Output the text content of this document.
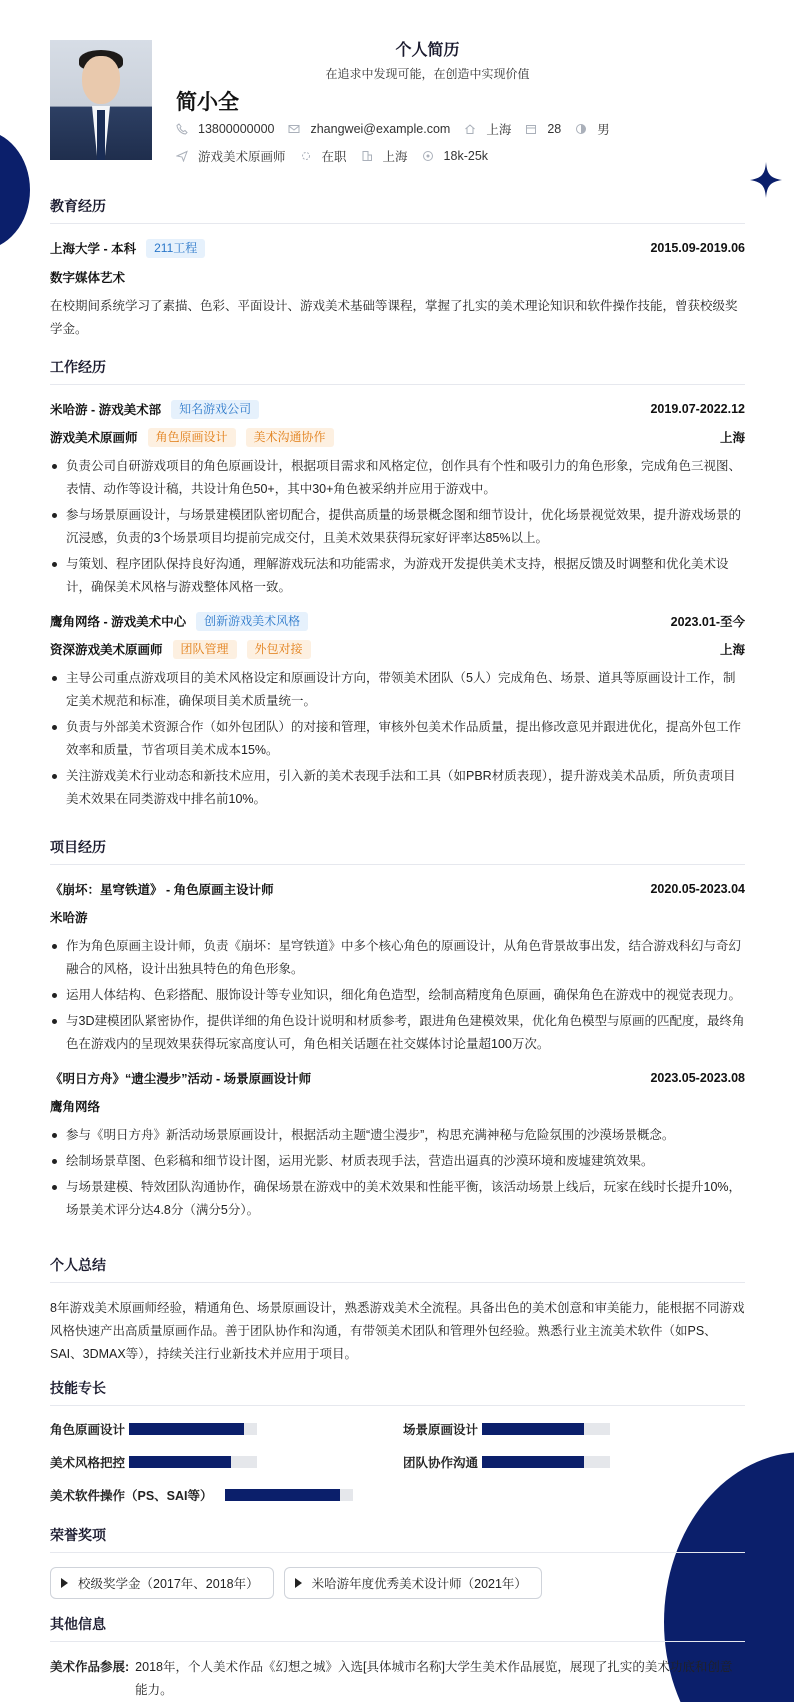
个人简历
在追求中发现可能，在创造中实现价值
简小全
13800000000	zhangwei@example.com	上海	28	男
游戏美术原画师	在职	上海	18k-25k
教育经历
上海大学 - 本科	211工程	2015.09-2019.06
数字媒体艺术
在校期间系统学习了素描、色彩、平面设计、游戏美术基础等课程，掌握了扎实的美术理论知识和软件操作技能，曾获校级奖学金。
工作经历
米哈游 - 游戏美术部	知名游戏公司	2019.07-2022.12
游戏美术原画师	角色原画设计	美术沟通协作	上海
负责公司自研游戏项目的角色原画设计，根据项目需求和风格定位，创作具有个性和吸引力的角色形象，完成角色三视图、表情、动作等设计稿，共设计角色50+，其中30+角色被采纳并应用于游戏中。
参与场景原画设计，与场景建模团队密切配合，提供高质量的场景概念图和细节设计，优化场景视觉效果，提升游戏场景的沉浸感，负责的3个场景项目均提前完成交付，且美术效果获得玩家好评率达85%以上。
与策划、程序团队保持良好沟通，理解游戏玩法和功能需求，为游戏开发提供美术支持，根据反馈及时调整和优化美术设计，确保美术风格与游戏整体风格一致。
鹰角网络 - 游戏美术中心	创新游戏美术风格	2023.01-至今
资深游戏美术原画师	团队管理	外包对接	上海
主导公司重点游戏项目的美术风格设定和原画设计方向，带领美术团队（5人）完成角色、场景、道具等原画设计工作，制定美术规范和标准，确保项目美术质量统一。
负责与外部美术资源合作（如外包团队）的对接和管理，审核外包美术作品质量，提出修改意见并跟进优化，提高外包工作效率和质量，节省项目美术成本15%。
关注游戏美术行业动态和新技术应用，引入新的美术表现手法和工具（如PBR材质表现），提升游戏美术品质，所负责项目美术效果在同类游戏中排名前10%。
项目经历
《崩坏：星穹铁道》 - 角色原画主设计师	2020.05-2023.04
米哈游
作为角色原画主设计师，负责《崩坏：星穹铁道》中多个核心角色的原画设计，从角色背景故事出发，结合游戏科幻与奇幻融合的风格，设计出独具特色的角色形象。
运用人体结构、色彩搭配、服饰设计等专业知识，细化角色造型，绘制高精度角色原画，确保角色在游戏中的视觉表现力。
与3D建模团队紧密协作，提供详细的角色设计说明和材质参考，跟进角色建模效果，优化角色模型与原画的匹配度，最终角色在游戏内的呈现效果获得玩家高度认可，角色相关话题在社交媒体讨论量超100万次。
《明日方舟》“遗尘漫步”活动 - 场景原画设计师	2023.05-2023.08
鹰角网络
参与《明日方舟》新活动场景原画设计，根据活动主题“遗尘漫步”，构思充满神秘与危险氛围的沙漠场景概念。
绘制场景草图、色彩稿和细节设计图，运用光影、材质表现手法，营造出逼真的沙漠环境和废墟建筑效果。
与场景建模、特效团队沟通协作，确保场景在游戏中的美术效果和性能平衡，该活动场景上线后，玩家在线时长提升10%，场景美术评分达4.8分（满分5分）。
个人总结
8年游戏美术原画师经验，精通角色、场景原画设计，熟悉游戏美术全流程。具备出色的美术创意和审美能力，能根据不同游戏风格快速产出高质量原画作品。善于团队协作和沟通，有带领美术团队和管理外包经验。熟悉行业主流美术软件（如PS、SAI、3DMAX等），持续关注行业新技术并应用于项目。
技能专长
角色原画设计	场景原画设计
美术风格把控	团队协作沟通
美术软件操作（PS、SAI等）
荣誉奖项
校级奖学金（2017年、2018年）	米哈游年度优秀美术设计师（2021年）
其他信息
美术作品参展: 2018年，个人美术作品《幻想之城》入选[具体城市名称]大学生美术作品展览，展现了扎实的美术功底和创意能力。
